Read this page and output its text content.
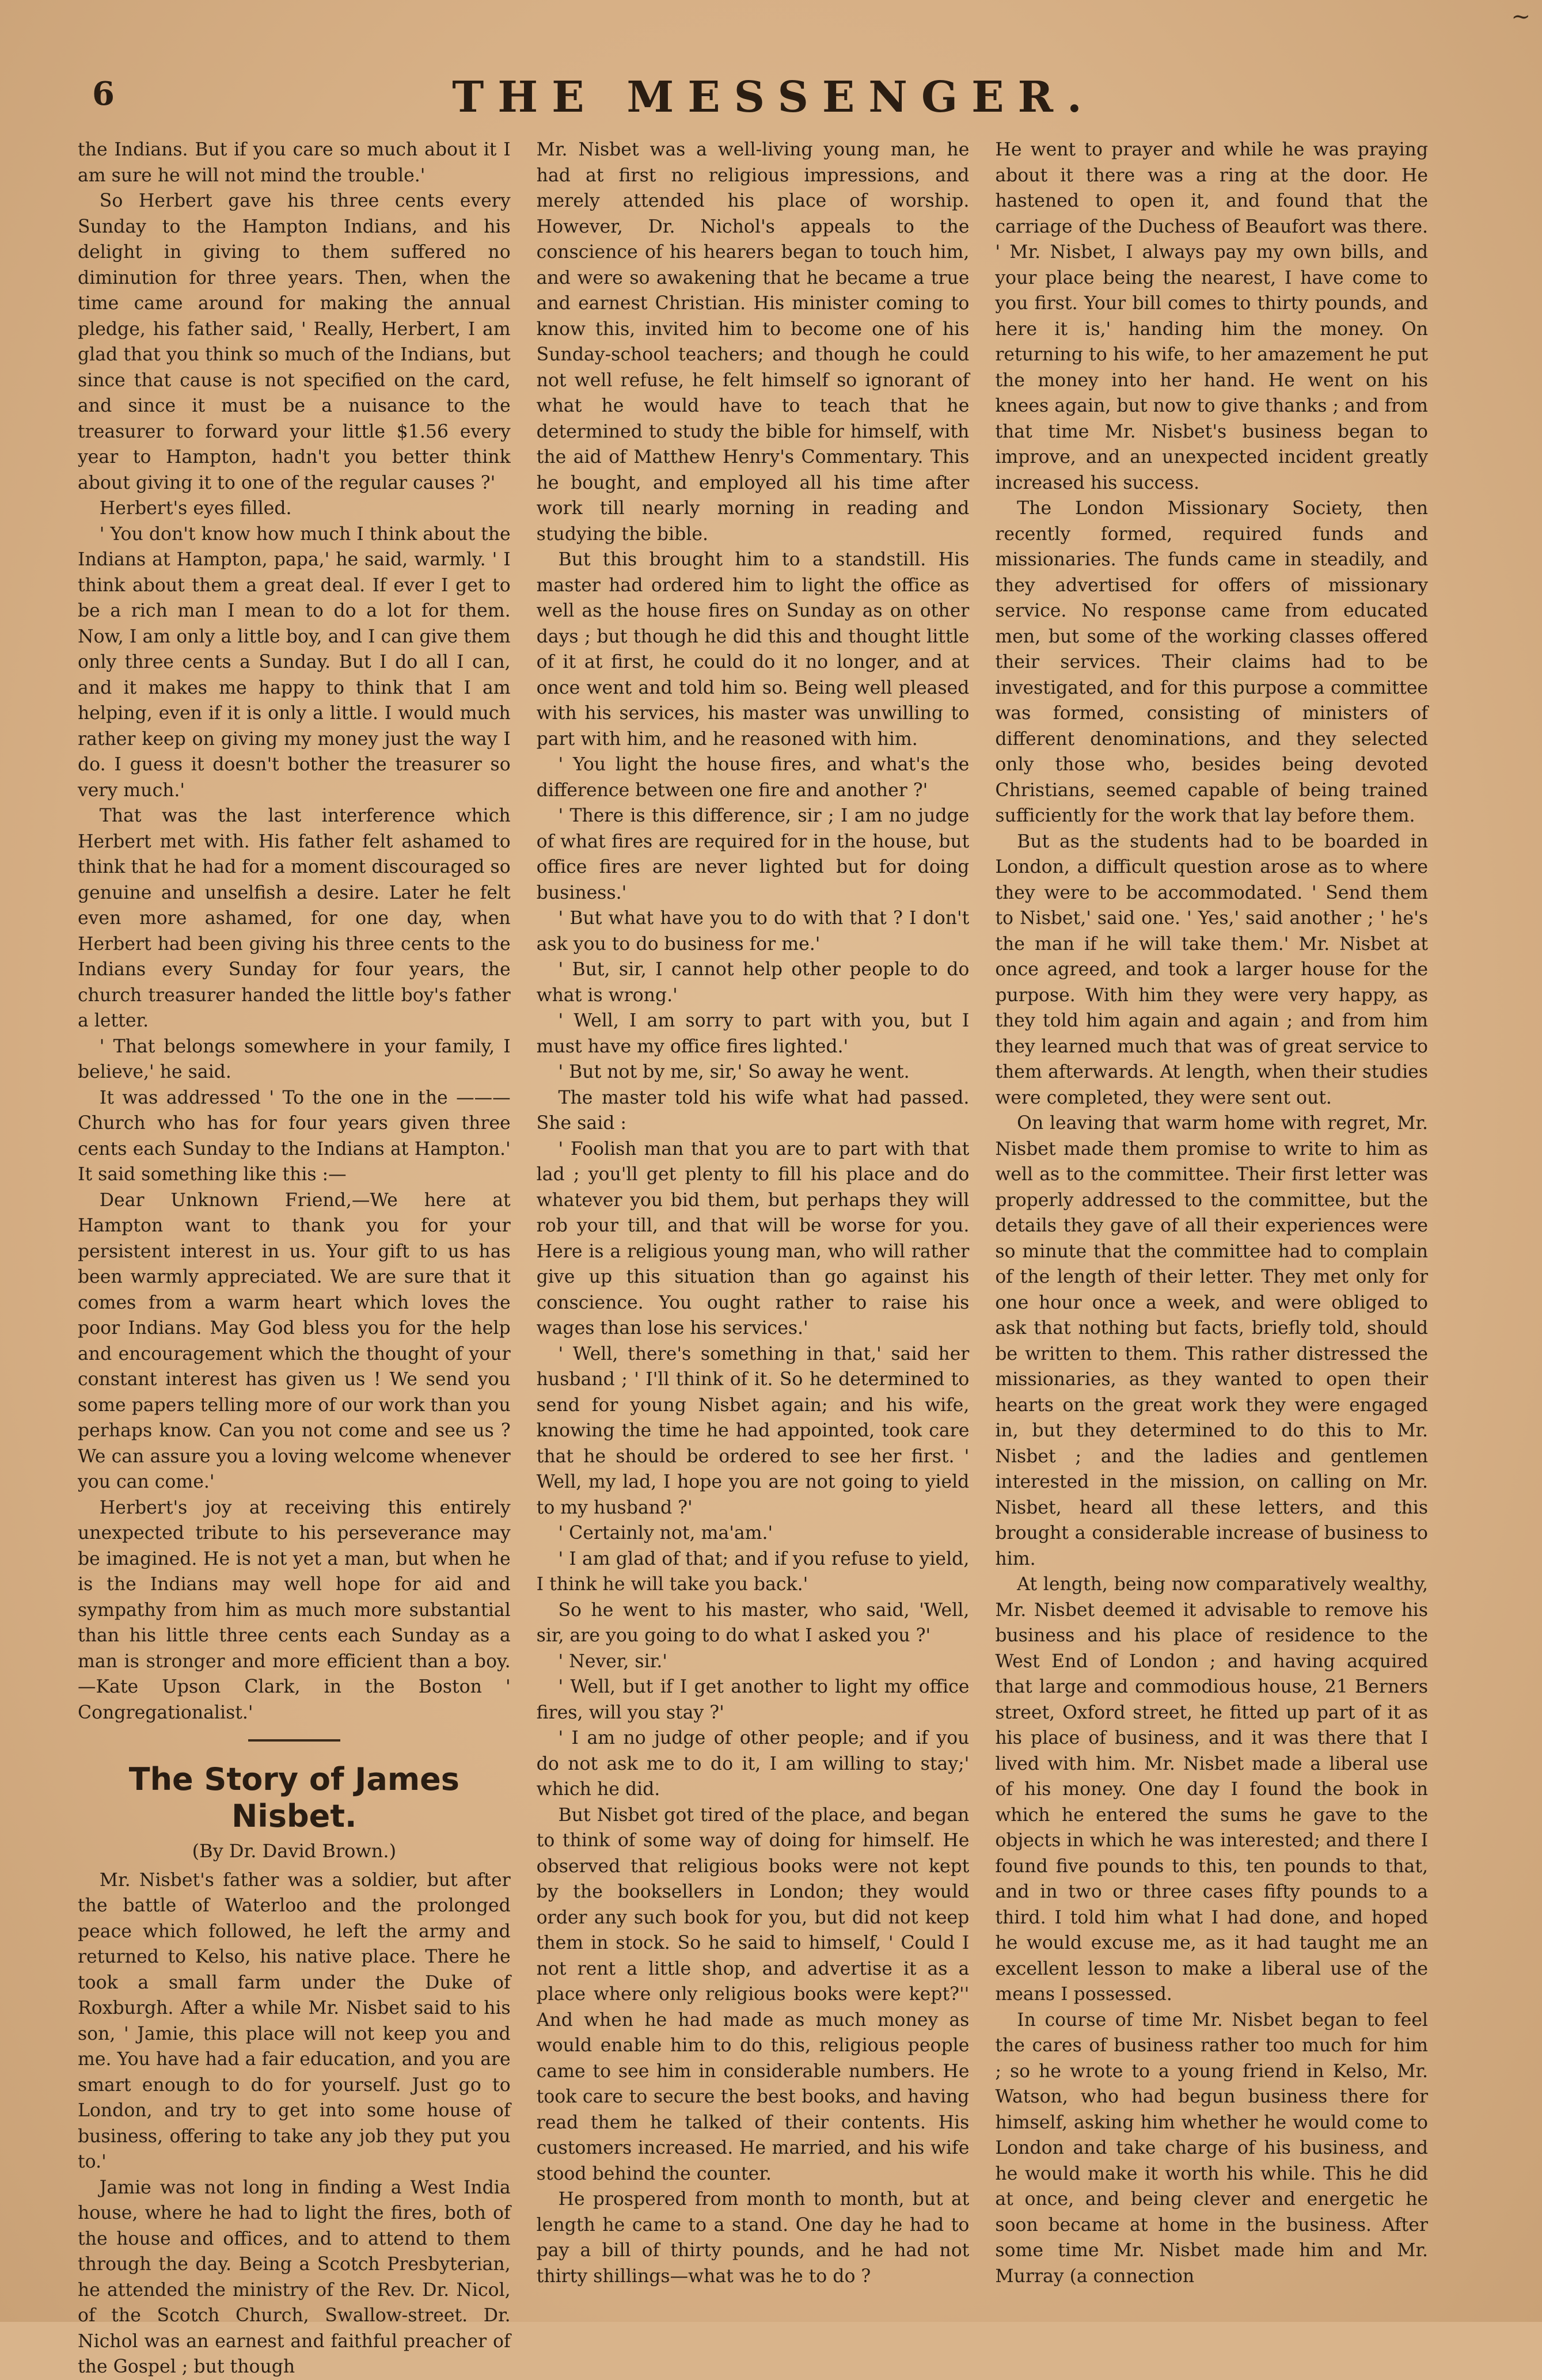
6	THE MESSENGER.
~

the Indians. But if you care so much about it I am sure he will not mind the trouble.'

So Herbert gave his three cents every Sunday to the Hampton Indians, and his delight in giving to them suffered no diminution for three years. Then, when the time came around for making the annual pledge, his father said, ' Really, Herbert, I am glad that you think so much of the Indians, but since that cause is not specified on the card, and since it must be a nuisance to the treasurer to forward your little $1.56 every year to Hampton, hadn't you better think about giving it to one of the regular causes ?'

Herbert's eyes filled.

' You don't know how much I think about the Indians at Hampton, papa,' he said, warmly. ' I think about them a great deal. If ever I get to be a rich man I mean to do a lot for them. Now, I am only a little boy, and I can give them only three cents a Sunday. But I do all I can, and it makes me happy to think that I am helping, even if it is only a little. I would much rather keep on giving my money just the way I do. I guess it doesn't bother the treasurer so very much.'

That was the last interference which Herbert met with. His father felt ashamed to think that he had for a moment discouraged so genuine and unselfish a desire. Later he felt even more ashamed, for one day, when Herbert had been giving his three cents to the Indians every Sunday for four years, the church treasurer handed the little boy's father a letter.

' That belongs somewhere in your family, I believe,' he said.

It was addressed ' To the one in the ——— Church who has for four years given three cents each Sunday to the Indians at Hampton.' It said something like this :—

Dear Unknown Friend,—We here at Hampton want to thank you for your persistent interest in us. Your gift to us has been warmly appreciated. We are sure that it comes from a warm heart which loves the poor Indians. May God bless you for the help and encouragement which the thought of your constant interest has given us ! We send you some papers telling more of our work than you perhaps know. Can you not come and see us ? We can assure you a loving welcome whenever you can come.'

Herbert's joy at receiving this entirely unexpected tribute to his perseverance may be imagined. He is not yet a man, but when he is the Indians may well hope for aid and sympathy from him as much more substantial than his little three cents each Sunday as a man is stronger and more efficient than a boy.—Kate Upson Clark, in the Boston ' Congregationalist.'

The Story of James Nisbet.
(By Dr. David Brown.)

Mr. Nisbet's father was a soldier, but after the battle of Waterloo and the prolonged peace which followed, he left the army and returned to Kelso, his native place. There he took a small farm under the Duke of Roxburgh. After a while Mr. Nisbet said to his son, ' Jamie, this place will not keep you and me. You have had a fair education, and you are smart enough to do for yourself. Just go to London, and try to get into some house of business, offering to take any job they put you to.'

Jamie was not long in finding a West India house, where he had to light the fires, both of the house and offices, and to attend to them through the day. Being a Scotch Presbyterian, he attended the ministry of the Rev. Dr. Nicol, of the Scotch Church, Swallow-street. Dr. Nichol was an earnest and faithful preacher of the Gospel ; but though

Mr. Nisbet was a well-living young man, he had at first no religious impressions, and merely attended his place of worship. However, Dr. Nichol's appeals to the conscience of his hearers began to touch him, and were so awakening that he became a true and earnest Christian. His minister coming to know this, invited him to become one of his Sunday-school teachers; and though he could not well refuse, he felt himself so ignorant of what he would have to teach that he determined to study the bible for himself, with the aid of Matthew Henry's Commentary. This he bought, and employed all his time after work till nearly morning in reading and studying the bible.

But this brought him to a standstill. His master had ordered him to light the office as well as the house fires on Sunday as on other days ; but though he did this and thought little of it at first, he could do it no longer, and at once went and told him so. Being well pleased with his services, his master was unwilling to part with him, and he reasoned with him.

' You light the house fires, and what's the difference between one fire and another ?'

' There is this difference, sir ; I am no judge of what fires are required for in the house, but office fires are never lighted but for doing business.'

' But what have you to do with that ? I don't ask you to do business for me.'

' But, sir, I cannot help other people to do what is wrong.'

' Well, I am sorry to part with you, but I must have my office fires lighted.'

' But not by me, sir,' So away he went.

The master told his wife what had passed. She said :

' Foolish man that you are to part with that lad ; you'll get plenty to fill his place and do whatever you bid them, but perhaps they will rob your till, and that will be worse for you. Here is a religious young man, who will rather give up this situation than go against his conscience. You ought rather to raise his wages than lose his services.'

' Well, there's something in that,' said her husband ; ' I'll think of it. So he determined to send for young Nisbet again; and his wife, knowing the time he had appointed, took care that he should be ordered to see her first. ' Well, my lad, I hope you are not going to yield to my husband ?'

' Certainly not, ma'am.'

' I am glad of that; and if you refuse to yield, I think he will take you back.'

So he went to his master, who said, 'Well, sir, are you going to do what I asked you ?'

' Never, sir.'

' Well, but if I get another to light my office fires, will you stay ?'

' I am no judge of other people; and if you do not ask me to do it, I am willing to stay;' which he did.

But Nisbet got tired of the place, and began to think of some way of doing for himself. He observed that religious books were not kept by the booksellers in London; they would order any such book for you, but did not keep them in stock. So he said to himself, ' Could I not rent a little shop, and advertise it as a place where only religious books were kept?'' And when he had made as much money as would enable him to do this, religious people came to see him in considerable numbers. He took care to secure the best books, and having read them he talked of their contents. His customers increased. He married, and his wife stood behind the counter.

He prospered from month to month, but at length he came to a stand. One day he had to pay a bill of thirty pounds, and he had not thirty shillings—what was he to do ?

He went to prayer and while he was praying about it there was a ring at the door. He hastened to open it, and found that the carriage of the Duchess of Beaufort was there. ' Mr. Nisbet, I always pay my own bills, and your place being the nearest, I have come to you first. Your bill comes to thirty pounds, and here it is,' handing him the money. On returning to his wife, to her amazement he put the money into her hand. He went on his knees again, but now to give thanks ; and from that time Mr. Nisbet's business began to improve, and an unexpected incident greatly increased his success.

The London Missionary Society, then recently formed, required funds and missionaries. The funds came in steadily, and they advertised for offers of missionary service. No response came from educated men, but some of the working classes offered their services. Their claims had to be investigated, and for this purpose a committee was formed, consisting of ministers of different denominations, and they selected only those who, besides being devoted Christians, seemed capable of being trained sufficiently for the work that lay before them.

But as the students had to be boarded in London, a difficult question arose as to where they were to be accommodated. ' Send them to Nisbet,' said one. ' Yes,' said another ; ' he's the man if he will take them.' Mr. Nisbet at once agreed, and took a larger house for the purpose. With him they were very happy, as they told him again and again ; and from him they learned much that was of great service to them afterwards. At length, when their studies were completed, they were sent out.

On leaving that warm home with regret, Mr. Nisbet made them promise to write to him as well as to the committee. Their first letter was properly addressed to the committee, but the details they gave of all their experiences were so minute that the committee had to complain of the length of their letter. They met only for one hour once a week, and were obliged to ask that nothing but facts, briefly told, should be written to them. This rather distressed the missionaries, as they wanted to open their hearts on the great work they were engaged in, but they determined to do this to Mr. Nisbet ; and the ladies and gentlemen interested in the mission, on calling on Mr. Nisbet, heard all these letters, and this brought a considerable increase of business to him.

At length, being now comparatively wealthy, Mr. Nisbet deemed it advisable to remove his business and his place of residence to the West End of London ; and having acquired that large and commodious house, 21 Berners street, Oxford street, he fitted up part of it as his place of business, and it was there that I lived with him. Mr. Nisbet made a liberal use of his money. One day I found the book in which he entered the sums he gave to the objects in which he was interested; and there I found five pounds to this, ten pounds to that, and in two or three cases fifty pounds to a third. I told him what I had done, and hoped he would excuse me, as it had taught me an excellent lesson to make a liberal use of the means I possessed.

In course of time Mr. Nisbet began to feel the cares of business rather too much for him ; so he wrote to a young friend in Kelso, Mr. Watson, who had begun business there for himself, asking him whether he would come to London and take charge of his business, and he would make it worth his while. This he did at once, and being clever and energetic he soon became at home in the business. After some time Mr. Nisbet made him and Mr. Murray (a connection
